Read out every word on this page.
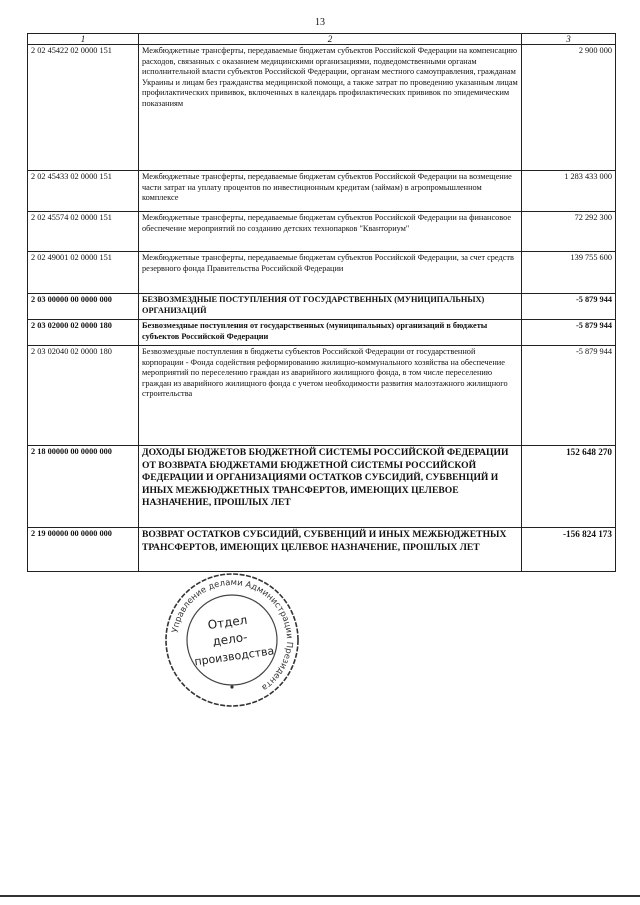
13
1	2	3
2 02 45422 02 0000 151	Межбюджетные трансферты, передаваемые бюджетам субъектов Российской Федерации на компенсацию расходов, связанных с оказанием медицинскими организациями, подведомственными органам исполнительной власти субъектов Российской Федерации, органам местного самоуправления, гражданам Украины и лицам без гражданства медицинской помощи, а также затрат по проведению указанным лицам профилактических прививок, включенных в календарь профилактических прививок по эпидемическим показаниям	2 900 000
2 02 45433 02 0000 151	Межбюджетные трансферты, передаваемые бюджетам субъектов Российской Федерации на возмещение части затрат на уплату процентов по инвестиционным кредитам (займам) в агропромышленном комплексе	1 283 433 000
2 02 45574 02 0000 151	Межбюджетные трансферты, передаваемые бюджетам субъектов Российской Федерации на финансовое обеспечение мероприятий по созданию детских технопарков "Кванториум"	72 292 300
2 02 49001 02 0000 151	Межбюджетные трансферты, передаваемые бюджетам субъектов Российской Федерации, за счет средств резервного фонда Правительства Российской Федерации	139 755 600
2 03 00000 00 0000 000	БЕЗВОЗМЕЗДНЫЕ ПОСТУПЛЕНИЯ ОТ ГОСУДАРСТВЕННЫХ (МУНИЦИПАЛЬНЫХ) ОРГАНИЗАЦИЙ	-5 879 944
2 03 02000 02 0000 180	Безвозмездные поступления от государственных (муниципальных) организаций в бюджеты субъектов Российской Федерации	-5 879 944
2 03 02040 02 0000 180	Безвозмездные поступления в бюджеты субъектов Российской Федерации от государственной корпорации - Фонда содействия реформированию жилищно-коммунального хозяйства на обеспечение мероприятий по переселению граждан из аварийного жилищного фонда, в том числе переселению граждан из аварийного жилищного фонда с учетом необходимости развития малоэтажного жилищного строительства	-5 879 944
2 18 00000 00 0000 000	ДОХОДЫ БЮДЖЕТОВ БЮДЖЕТНОЙ СИСТЕМЫ РОССИЙСКОЙ ФЕДЕРАЦИИ ОТ ВОЗВРАТА БЮДЖЕТАМИ БЮДЖЕТНОЙ СИСТЕМЫ РОССИЙСКОЙ ФЕДЕРАЦИИ И ОРГАНИЗАЦИЯМИ ОСТАТКОВ СУБСИДИЙ, СУБВЕНЦИЙ И ИНЫХ МЕЖБЮДЖЕТНЫХ ТРАНСФЕРТОВ, ИМЕЮЩИХ ЦЕЛЕВОЕ НАЗНАЧЕНИЕ, ПРОШЛЫХ ЛЕТ	152 648 270
2 19 00000 00 0000 000	ВОЗВРАТ ОСТАТКОВ СУБСИДИЙ, СУБВЕНЦИЙ И ИНЫХ МЕЖБЮДЖЕТНЫХ ТРАНСФЕРТОВ, ИМЕЮЩИХ ЦЕЛЕВОЕ НАЗНАЧЕНИЕ, ПРОШЛЫХ ЛЕТ	-156 824 173
Управление делами Администрации Президента
Отдел
дело-
производства
